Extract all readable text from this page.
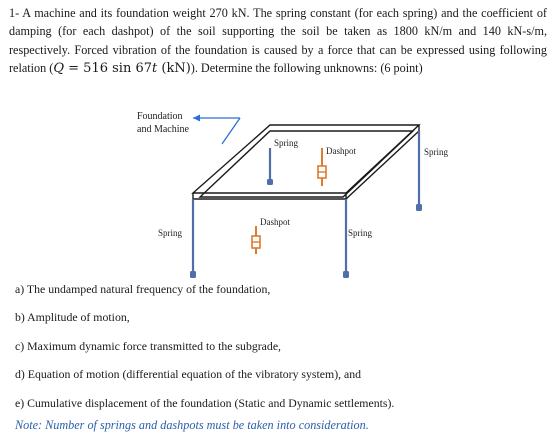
1- A machine and its foundation weight 270 kN. The spring constant (for each spring) and the coefficient of damping (for each dashpot) of the soil supporting the soil be taken as 1800 kN/m and 140 kN-s/m, respectively. Forced vibration of the foundation is caused by a force that can be expressed using following relation (Q = 516 sin 67t (kN)). Determine the following unknowns: (6 point)
Foundation
and Machine
Spring
Dashpot	Spring
Dashpot
Spring	Spring
a) The undamped natural frequency of the foundation,
b) Amplitude of motion,
c) Maximum dynamic force transmitted to the subgrade,
d) Equation of motion (differential equation of the vibratory system), and
e) Cumulative displacement of the foundation (Static and Dynamic settlements).
Note: Number of springs and dashpots must be taken into consideration.
